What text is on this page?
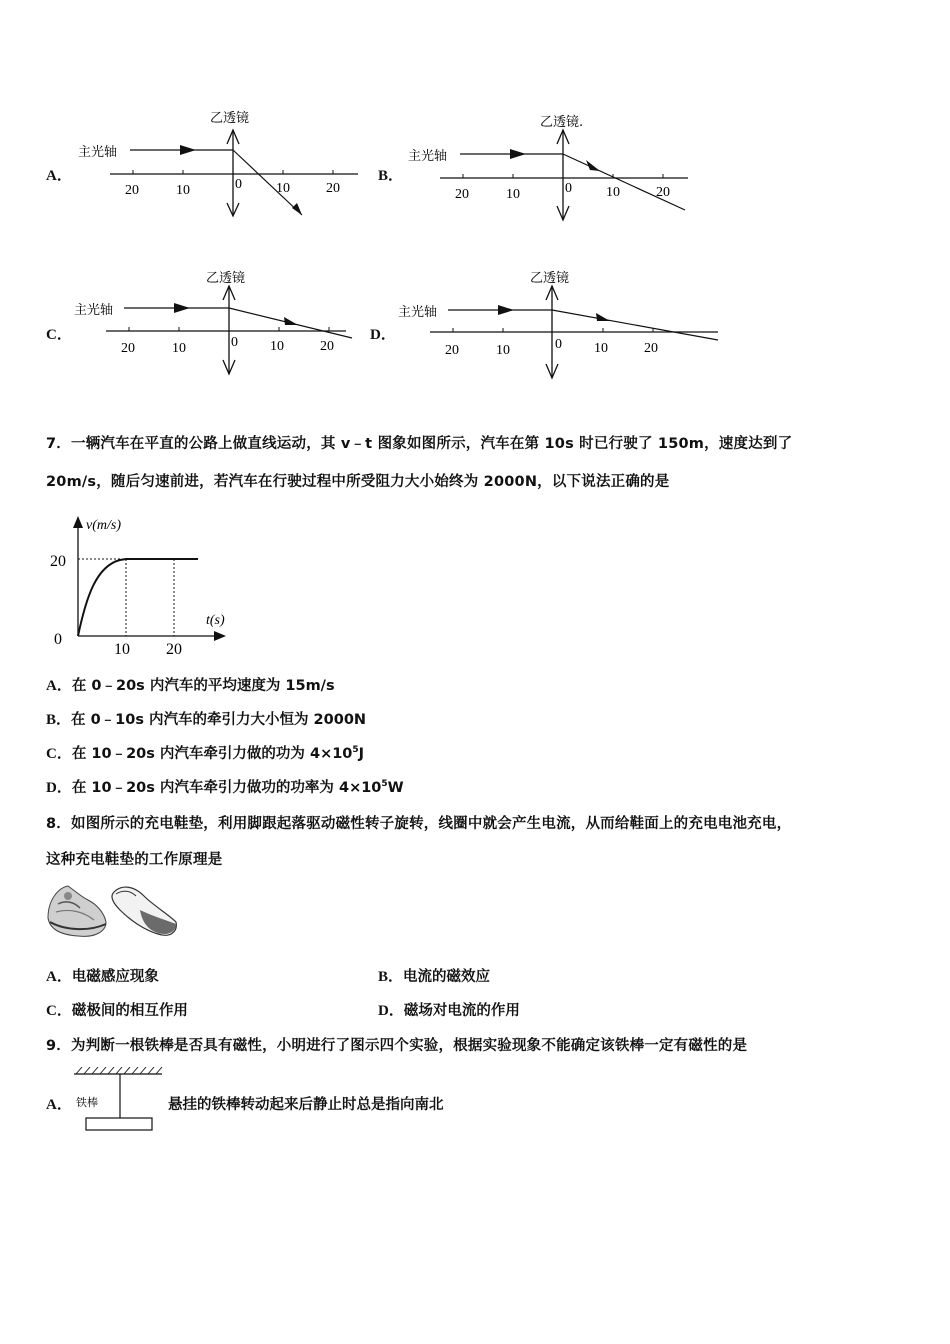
A．
乙透镜
主光轴
20	10	0 10	20
B．
乙透镜.
主光轴
20	10	0 10	20
C．
乙透镜
主光轴
20	10	0 10	20
D．
乙透镜
主光轴
20	10	0 10	20
7．一辆汽车在平直的公路上做直线运动，其 v﹣t 图象如图所示，汽车在第 10s 时已行驶了 150m，速度达到了
20m/s，随后匀速前进，若汽车在行驶过程中所受阻力大小始终为 2000N，以下说法正确的是
v(m/s)
t(s)
20
0
10 20
A．在 0﹣20s 内汽车的平均速度为 15m/s
B．在 0﹣10s 内汽车的牵引力大小恒为 2000N
C．在 10﹣20s 内汽车牵引力做的功为 $4\times 10^5J$
D．在 10﹣20s 内汽车牵引力做功的功率为 $4\times 10^5W$
8．如图所示的充电鞋垫，利用脚跟起落驱动磁性转子旋转，线圈中就会产生电流，从而给鞋面上的充电电池充电，
这种充电鞋垫的工作原理是
A．电磁感应现象	B．电流的磁效应
C．磁极间的相互作用	D．磁场对电流的作用
9．为判断一根铁棒是否具有磁性，小明进行了图示四个实验，根据实验现象不能确定该铁棒一定有磁性的是
A． 铁棒	悬挂的铁棒转动起来后静止时总是指向南北
